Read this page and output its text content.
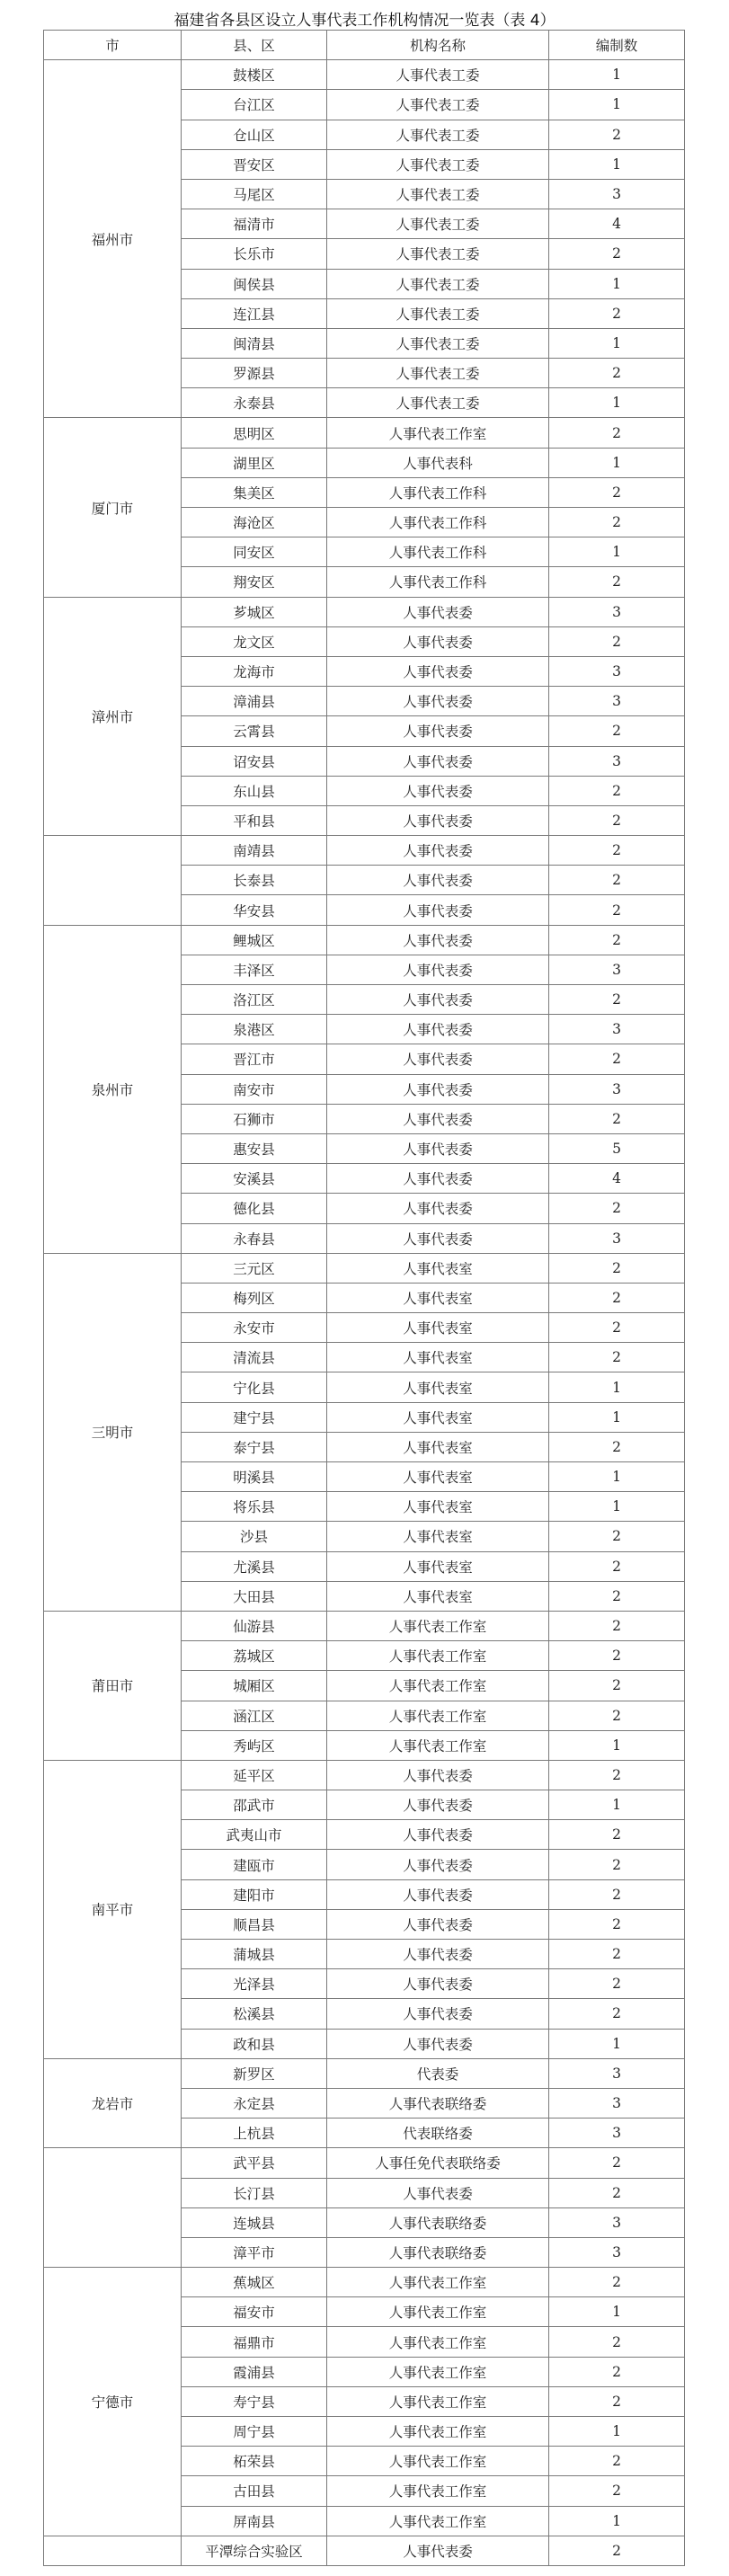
福建省各县区设立人事代表工作机构情况一览表（表 4）
市	县、区	机构名称	编制数
福州市	鼓楼区	人事代表工委	1
	台江区	人事代表工委	1
	仓山区	人事代表工委	2
	晋安区	人事代表工委	1
	马尾区	人事代表工委	3
	福清市	人事代表工委	4
	长乐市	人事代表工委	2
	闽侯县	人事代表工委	1
	连江县	人事代表工委	2
	闽清县	人事代表工委	1
	罗源县	人事代表工委	2
	永泰县	人事代表工委	1
厦门市	思明区	人事代表工作室	2
	湖里区	人事代表科	1
	集美区	人事代表工作科	2
	海沧区	人事代表工作科	2
	同安区	人事代表工作科	1
	翔安区	人事代表工作科	2
漳州市	芗城区	人事代表委	3
	龙文区	人事代表委	2
	龙海市	人事代表委	3
	漳浦县	人事代表委	3
	云霄县	人事代表委	2
	诏安县	人事代表委	3
	东山县	人事代表委	2
	平和县	人事代表委	2
	南靖县	人事代表委	2
	长泰县	人事代表委	2
	华安县	人事代表委	2
泉州市	鲤城区	人事代表委	2
	丰泽区	人事代表委	3
	洛江区	人事代表委	2
	泉港区	人事代表委	3
	晋江市	人事代表委	2
	南安市	人事代表委	3
	石狮市	人事代表委	2
	惠安县	人事代表委	5
	安溪县	人事代表委	4
	德化县	人事代表委	2
	永春县	人事代表委	3
三明市	三元区	人事代表室	2
	梅列区	人事代表室	2
	永安市	人事代表室	2
	清流县	人事代表室	2
	宁化县	人事代表室	1
	建宁县	人事代表室	1
	泰宁县	人事代表室	2
	明溪县	人事代表室	1
	将乐县	人事代表室	1
	沙县	人事代表室	2
	尤溪县	人事代表室	2
	大田县	人事代表室	2
莆田市	仙游县	人事代表工作室	2
	荔城区	人事代表工作室	2
	城厢区	人事代表工作室	2
	涵江区	人事代表工作室	2
	秀屿区	人事代表工作室	1
南平市	延平区	人事代表委	2
	邵武市	人事代表委	1
	武夷山市	人事代表委	2
	建瓯市	人事代表委	2
	建阳市	人事代表委	2
	顺昌县	人事代表委	2
	蒲城县	人事代表委	2
	光泽县	人事代表委	2
	松溪县	人事代表委	2
	政和县	人事代表委	1
龙岩市	新罗区	代表委	3
	永定县	人事代表联络委	3
	上杭县	代表联络委	3
	武平县	人事任免代表联络委	2
	长汀县	人事代表委	2
	连城县	人事代表联络委	3
	漳平市	人事代表联络委	3
宁德市	蕉城区	人事代表工作室	2
	福安市	人事代表工作室	1
	福鼎市	人事代表工作室	2
	霞浦县	人事代表工作室	2
	寿宁县	人事代表工作室	2
	周宁县	人事代表工作室	1
	柘荣县	人事代表工作室	2
	古田县	人事代表工作室	2
	屏南县	人事代表工作室	1
	平潭综合实验区	人事代表委	2
